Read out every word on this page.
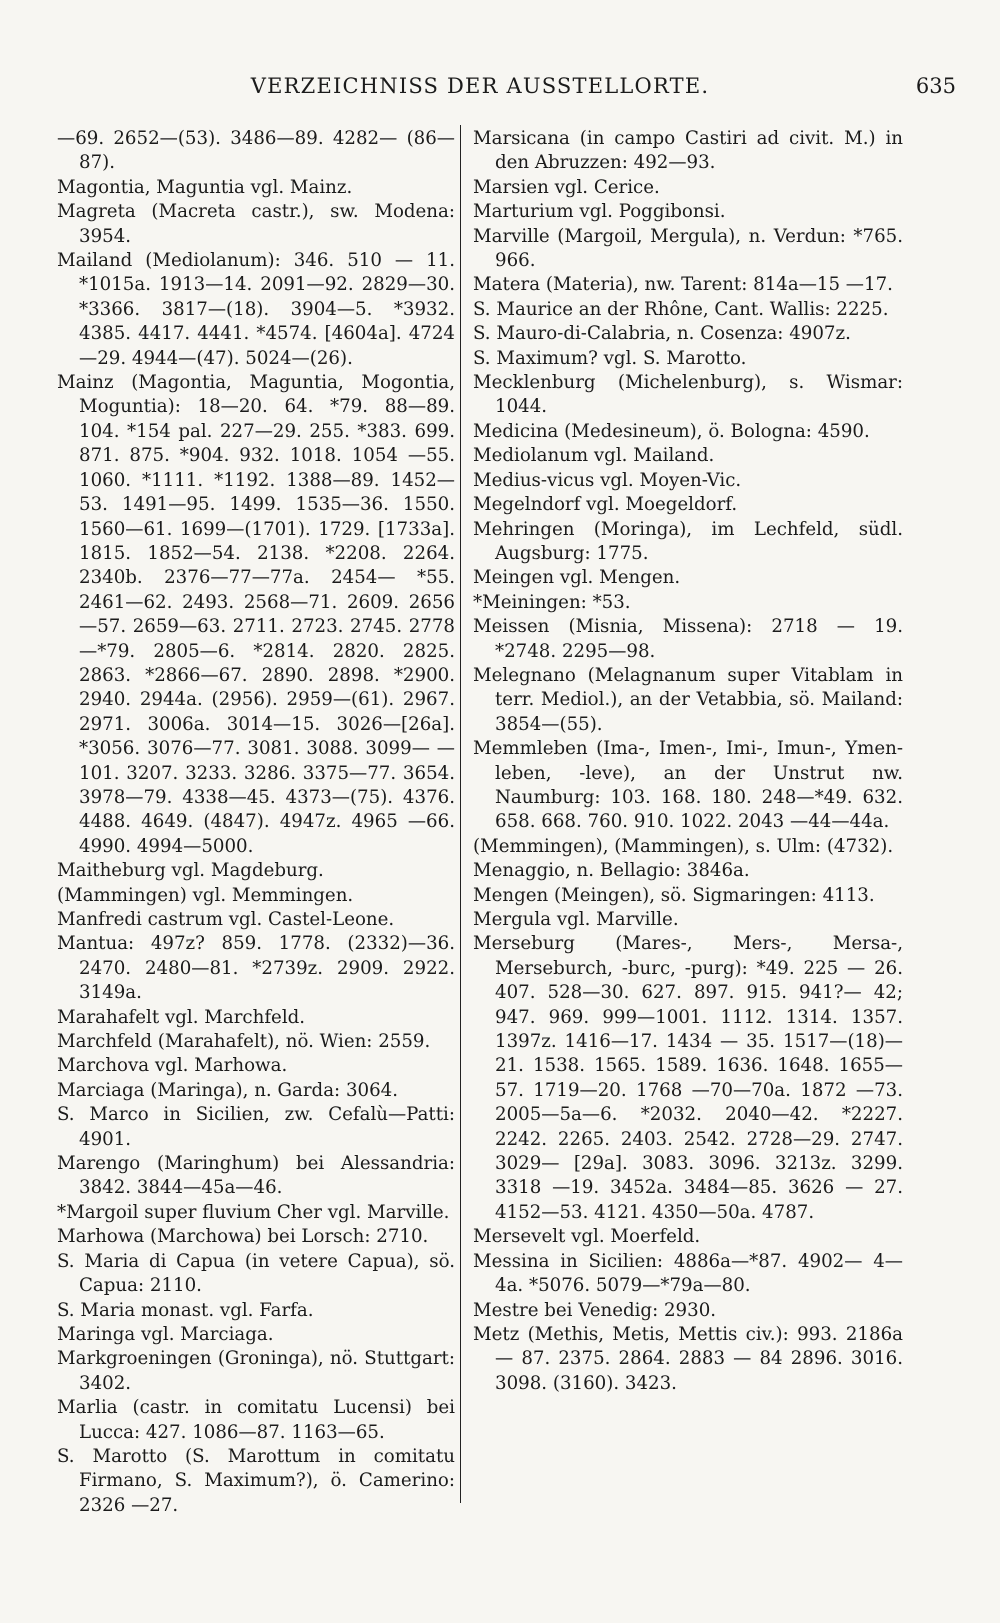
VERZEICHNISS DER AUSSTELLORTE.	635

—69. 2652—(53). 3486—89. 4282— (86—87).

Magontia, Maguntia vgl. Mainz.

Magreta (Macreta castr.), sw. Modena: 3954.

Mailand (Mediolanum): 346. 510 — 11. *1015a. 1913—14. 2091—92. 2829—30. *3366. 3817—(18). 3904—5. *3932. 4385. 4417. 4441. *4574. [4604a]. 4724 —29. 4944—(47). 5024—(26).

Mainz (Magontia, Maguntia, Mogontia, Moguntia): 18—20. 64. *79. 88—89. 104. *154 pal. 227—29. 255. *383. 699. 871. 875. *904. 932. 1018. 1054 —55. 1060. *1111. *1192. 1388—89. 1452—53. 1491—95. 1499. 1535—36. 1550. 1560—61. 1699—(1701). 1729. [1733a]. 1815. 1852—54. 2138. *2208. 2264. 2340b. 2376—77—77a. 2454— *55. 2461—62. 2493. 2568—71. 2609. 2656—57. 2659—63. 2711. 2723. 2745. 2778—*79. 2805—6. *2814. 2820. 2825. 2863. *2866—67. 2890. 2898. *2900. 2940. 2944a. (2956). 2959—(61). 2967. 2971. 3006a. 3014—15. 3026—[26a]. *3056. 3076—77. 3081. 3088. 3099— —101. 3207. 3233. 3286. 3375—77. 3654. 3978—79. 4338—45. 4373—(75). 4376. 4488. 4649. (4847). 4947z. 4965 —66. 4990. 4994—5000.

Maitheburg vgl. Magdeburg.

(Mammingen) vgl. Memmingen.

Manfredi castrum vgl. Castel-Leone.

Mantua: 497z? 859. 1778. (2332)—36. 2470. 2480—81. *2739z. 2909. 2922. 3149a.

Marahafelt vgl. Marchfeld.

Marchfeld (Marahafelt), nö. Wien: 2559.

Marchova vgl. Marhowa.

Marciaga (Maringa), n. Garda: 3064.

S. Marco in Sicilien, zw. Cefalù—Patti: 4901.

Marengo (Maringhum) bei Alessandria: 3842. 3844—45a—46.

*Margoil super fluvium Cher vgl. Marville.

Marhowa (Marchowa) bei Lorsch: 2710.

S. Maria di Capua (in vetere Capua), sö. Capua: 2110.

S. Maria monast. vgl. Farfa.

Maringa vgl. Marciaga.

Markgroeningen (Groninga), nö. Stuttgart: 3402.

Marlia (castr. in comitatu Lucensi) bei Lucca: 427. 1086—87. 1163—65.

S. Marotto (S. Marottum in comitatu Firmano, S. Maximum?), ö. Camerino: 2326 —27.

Marsicana (in campo Castiri ad civit. M.) in den Abruzzen: 492—93.

Marsien vgl. Cerice.

Marturium vgl. Poggibonsi.

Marville (Margoil, Mergula), n. Verdun: *765. 966.

Matera (Materia), nw. Tarent: 814a—15 —17.

S. Maurice an der Rhône, Cant. Wallis: 2225.

S. Mauro-di-Calabria, n. Cosenza: 4907z.

S. Maximum? vgl. S. Marotto.

Mecklenburg (Michelenburg), s. Wismar: 1044.

Medicina (Medesineum), ö. Bologna: 4590.

Mediolanum vgl. Mailand.

Medius-vicus vgl. Moyen-Vic.

Megelndorf vgl. Moegeldorf.

Mehringen (Moringa), im Lechfeld, südl. Augsburg: 1775.

Meingen vgl. Mengen.

*Meiningen: *53.

Meissen (Misnia, Missena): 2718 — 19. *2748. 2295—98.

Melegnano (Melagnanum super Vitablam in terr. Mediol.), an der Vetabbia, sö. Mailand: 3854—(55).

Memmleben (Ima-, Imen-, Imi-, Imun-, Ymen-leben, -leve), an der Unstrut nw. Naumburg: 103. 168. 180. 248—*49. 632. 658. 668. 760. 910. 1022. 2043 —44—44a.

(Memmingen), (Mammingen), s. Ulm: (4732).

Menaggio, n. Bellagio: 3846a.

Mengen (Meingen), sö. Sigmaringen: 4113.

Mergula vgl. Marville.

Merseburg (Mares-, Mers-, Mersa-, Merseburch, -burc, -purg): *49. 225 — 26. 407. 528—30. 627. 897. 915. 941?— 42; 947. 969. 999—1001. 1112. 1314. 1357. 1397z. 1416—17. 1434 — 35. 1517—(18)—21. 1538. 1565. 1589. 1636. 1648. 1655—57. 1719—20. 1768 —70—70a. 1872 —73. 2005—5a—6. *2032. 2040—42. *2227. 2242. 2265. 2403. 2542. 2728—29. 2747. 3029— [29a]. 3083. 3096. 3213z. 3299. 3318 —19. 3452a. 3484—85. 3626 — 27. 4152—53. 4121. 4350—50a. 4787.

Mersevelt vgl. Moerfeld.

Messina in Sicilien: 4886a—*87. 4902— 4—4a. *5076. 5079—*79a—80.

Mestre bei Venedig: 2930.

Metz (Methis, Metis, Mettis civ.): 993. 2186a — 87. 2375. 2864. 2883 — 84 2896. 3016. 3098. (3160). 3423.
